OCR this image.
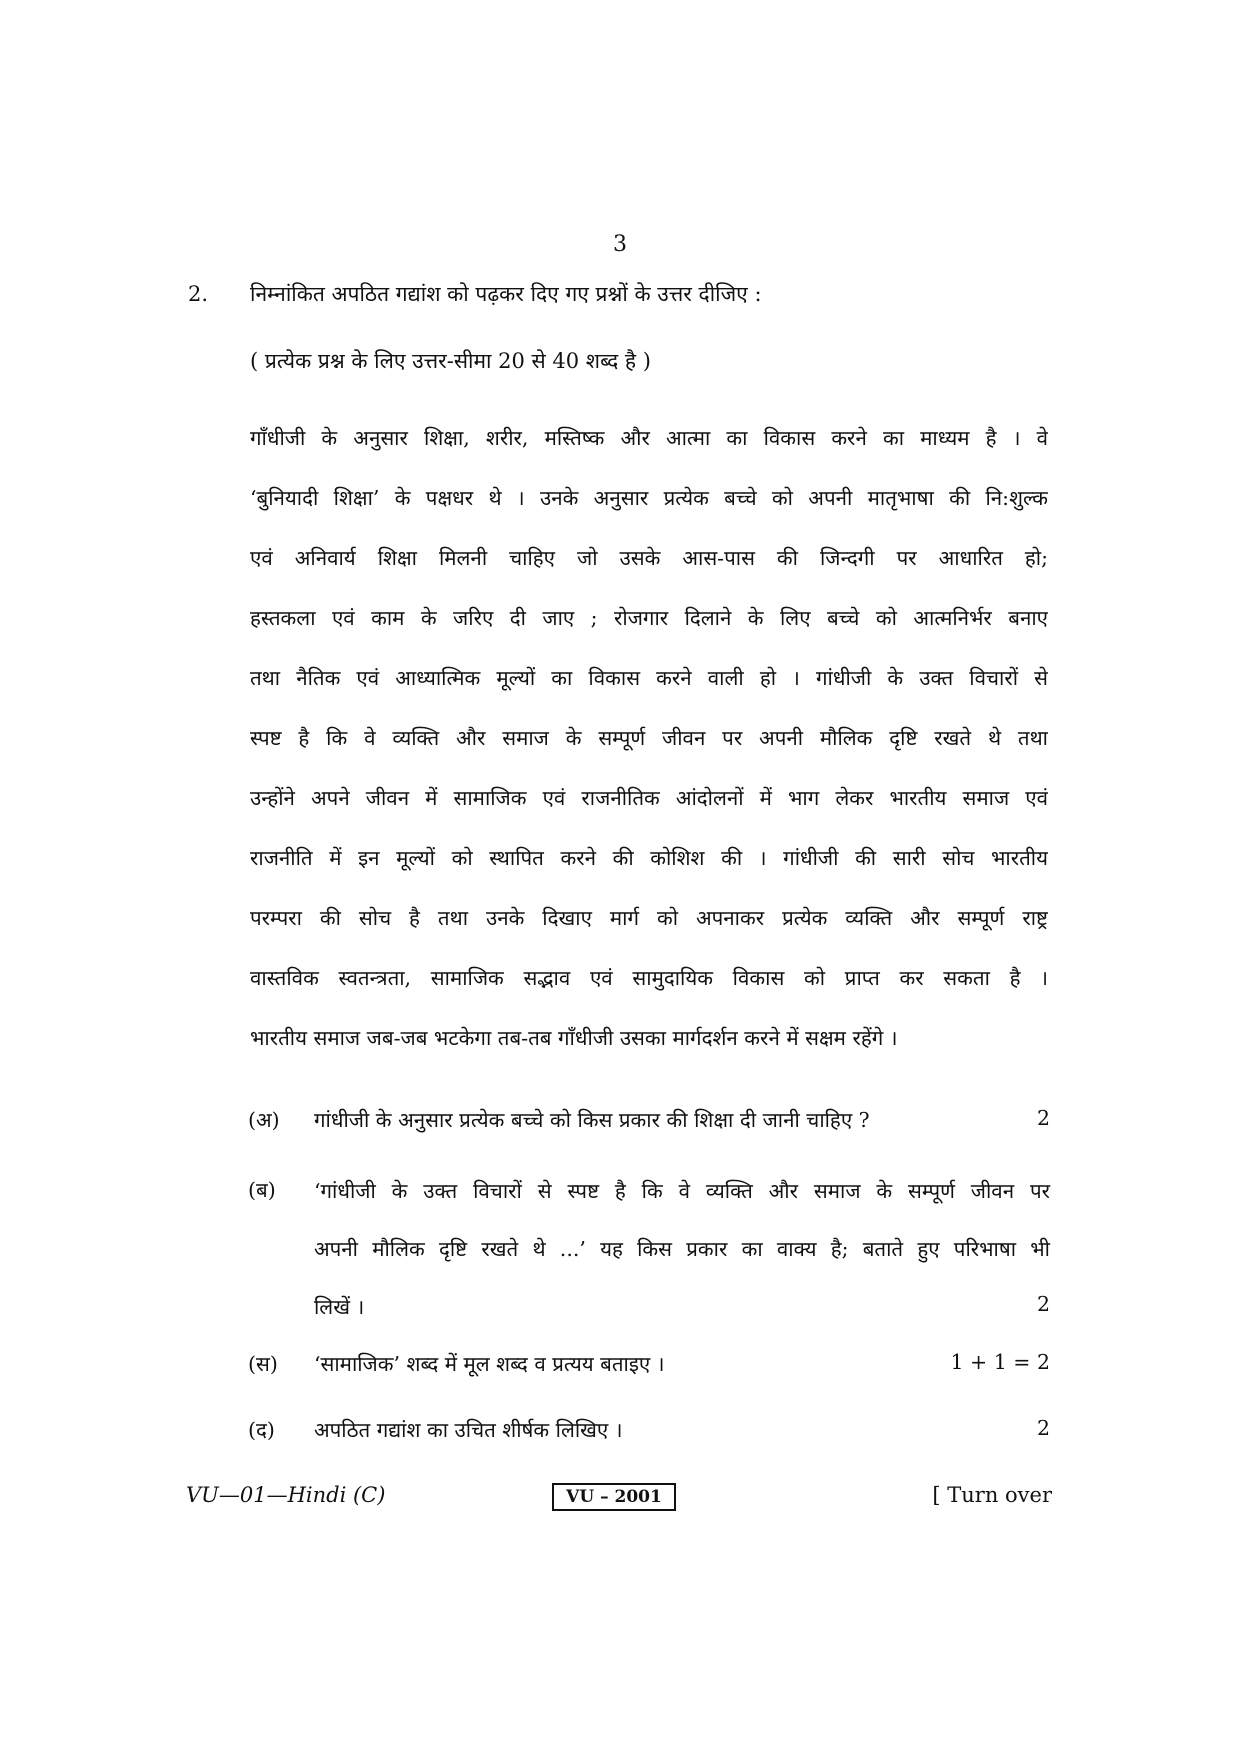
3
2. निम्नांकित अपठित गद्यांश को पढ़कर दिए गए प्रश्नों के उत्तर दीजिए :
( प्रत्येक प्रश्न के लिए उत्तर-सीमा 20 से 40 शब्द है )
गाँधीजी के अनुसार शिक्षा, शरीर, मस्तिष्क और आत्मा का विकास करने का माध्यम है । वे
‘बुनियादी शिक्षा’ के पक्षधर थे । उनके अनुसार प्रत्येक बच्चे को अपनी मातृभाषा की नि:शुल्क
एवं अनिवार्य शिक्षा मिलनी चाहिए जो उसके आस-पास की जिन्दगी पर आधारित हो;
हस्तकला एवं काम के जरिए दी जाए ; रोजगार दिलाने के लिए बच्चे को आत्मनिर्भर बनाए
तथा नैतिक एवं आध्यात्मिक मूल्यों का विकास करने वाली हो । गांधीजी के उक्त विचारों से
स्पष्ट है कि वे व्यक्ति और समाज के सम्पूर्ण जीवन पर अपनी मौलिक दृष्टि रखते थे तथा
उन्होंने अपने जीवन में सामाजिक एवं राजनीतिक आंदोलनों में भाग लेकर भारतीय समाज एवं
राजनीति में इन मूल्यों को स्थापित करने की कोशिश की । गांधीजी की सारी सोच भारतीय
परम्परा की सोच है तथा उनके दिखाए मार्ग को अपनाकर प्रत्येक व्यक्ति और सम्पूर्ण राष्ट्र
वास्तविक स्वतन्त्रता, सामाजिक सद्भाव एवं सामुदायिक विकास को प्राप्त कर सकता है ।
भारतीय समाज जब-जब भटकेगा तब-तब गाँधीजी उसका मार्गदर्शन करने में सक्षम रहेंगे ।
(अ)	गांधीजी के अनुसार प्रत्येक बच्चे को किस प्रकार की शिक्षा दी जानी चाहिए ?	2
(ब)	‘गांधीजी के उक्त विचारों से स्पष्ट है कि वे व्यक्ति और समाज के सम्पूर्ण जीवन पर
अपनी मौलिक दृष्टि रखते थे ...’ यह किस प्रकार का वाक्य है; बताते हुए परिभाषा भी
लिखें ।	2
(स)	‘सामाजिक’ शब्द में मूल शब्द व प्रत्यय बताइए ।	1 + 1 = 2
(द)	अपठित गद्यांश का उचित शीर्षक लिखिए ।	2
VU—01—Hindi (C)	VU – 2001	[ Turn over
